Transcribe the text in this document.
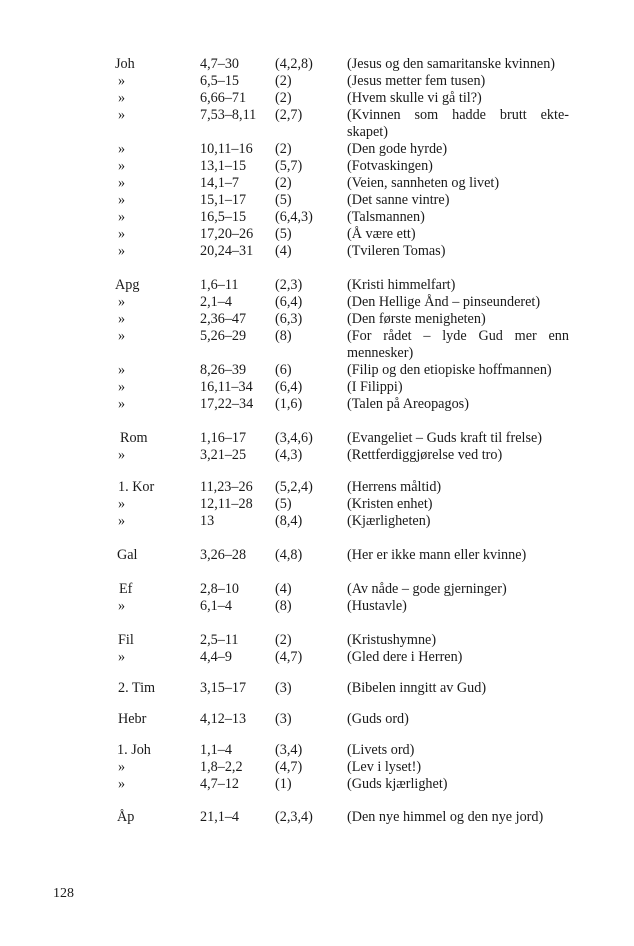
Joh	4,7–30	(4,2,8) (Jesus og den samaritanske kvinnen)
»	6,5–15	(2)	(Jesus metter fem tusen)
»	6,66–71 (2)	(Hvem skulle vi gå til?)
»	7,53–8,11 (2,7)	(Kvinnen som hadde brutt ekte-
skapet)
»	10,11–16 (2)	(Den gode hyrde)
»	13,1–15 (5,7)	(Fotvaskingen)
»	14,1–7	(2)	(Veien, sannheten og livet)
»	15,1–17 (5)	(Det sanne vintre)
»	16,5–15 (6,4,3) (Talsmannen)
»	17,20–26 (5)	(Å være ett)
»	20,24–31 (4)	(Tvileren Tomas)
Apg	1,6–11	(2,3)	(Kristi himmelfart)
»	2,1–4	(6,4)	(Den Hellige Ånd – pinseunderet)
»	2,36–47 (6,3)	(Den første menigheten)
»	5,26–29 (8)	(For rådet – lyde Gud mer enn
mennesker)
»	8,26–39 (6)	(Filip og den etiopiske hoffmannen)
»	16,11–34 (6,4)	(I Filippi)
»	17,22–34 (1,6)	(Talen på Areopagos)
Rom	1,16–17 (3,4,6) (Evangeliet – Guds kraft til frelse)
»	3,21–25 (4,3)	(Rettferdiggjørelse ved tro)
1. Kor	11,23–26 (5,2,4) (Herrens måltid)
»	12,11–28 (5)	(Kristen enhet)
»	13	(8,4)	(Kjærligheten)
Gal	3,26–28 (4,8)	(Her er ikke mann eller kvinne)
Ef	2,8–10	(4)	(Av nåde – gode gjerninger)
»	6,1–4	(8)	(Hustavle)
Fil	2,5–11	(2)	(Kristushymne)
»	4,4–9	(4,7)	(Gled dere i Herren)
2. Tim	3,15–17 (3)	(Bibelen inngitt av Gud)
Hebr	4,12–13 (3)	(Guds ord)
1. Joh	1,1–4	(3,4)	(Livets ord)
»	1,8–2,2 (4,7)	(Lev i lyset!)
»	4,7–12	(1)	(Guds kjærlighet)
Åp	21,1–4	(2,3,4) (Den nye himmel og den nye jord)
128
